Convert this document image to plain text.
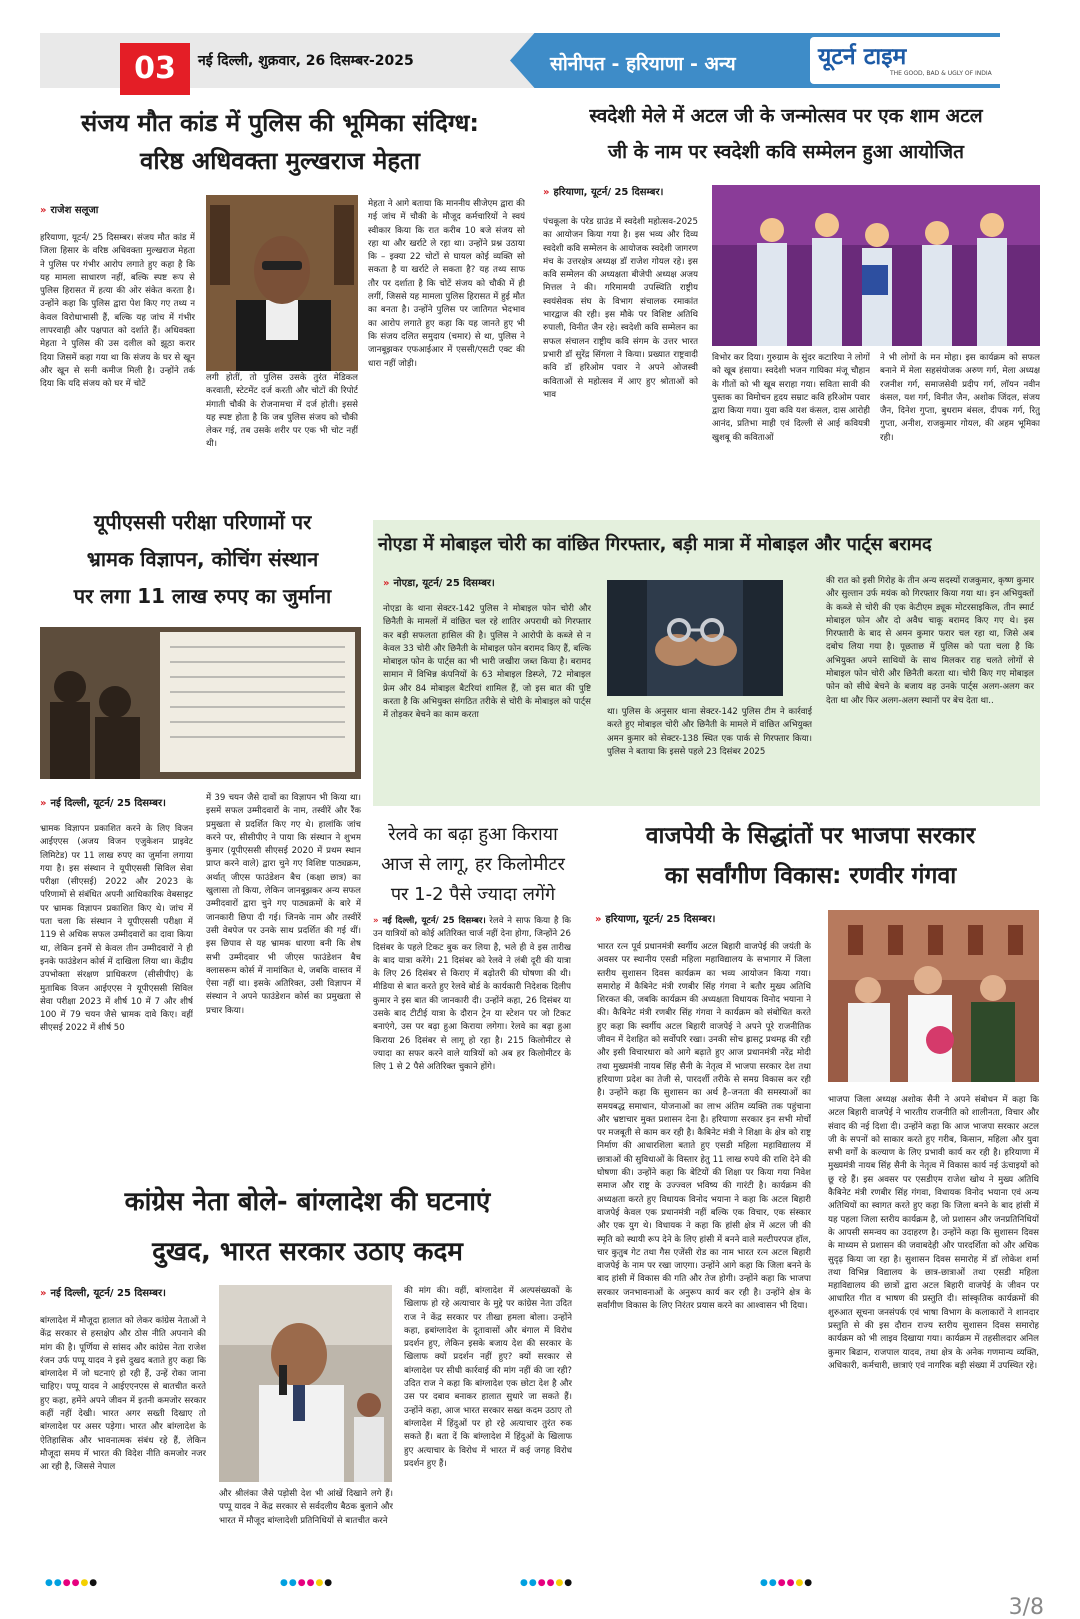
03	नई दिल्ली, शुक्रवार, 26 दिसम्बर-2025	सोनीपत - हरियाणा - अन्य	यूटर्न टाइम
THE GOOD, BAD & UGLY OF INDIA
संजय मौत कांड में पुलिस की भूमिका संदिग्ध:
वरिष्ठ अधिवक्ता मुल्खराज मेहता
» राजेश सलूजा
हरियाणा, यूटर्न/ 25 दिसम्बर। संजय मौत कांड में जिला हिसार के वरिष्ठ अधिवक्ता मुल्खराज मेहता ने पुलिस पर गंभीर आरोप लगाते हुए कहा है कि यह मामला साधारण नहीं, बल्कि स्पष्ट रूप से पुलिस हिरासत में हत्या की ओर संकेत करता है। उन्होंने कहा कि पुलिस द्वारा पेश किए गए तथ्य न केवल विरोधाभासी हैं, बल्कि यह जांच में गंभीर लापरवाही और पक्षपात को दर्शाते हैं। अधिवक्ता मेहता ने पुलिस की उस दलील को झूठा करार दिया जिसमें कहा गया था कि संजय के घर से खून और खून से सनी कमीज मिली है। उन्होंने तर्क दिया कि यदि संजय को घर में चोटें
लगी होतीं, तो पुलिस उसके तुरंत मेडिकल करवाती, स्टेटमेंट दर्ज करती और चोटों की रिपोर्ट मंगाती चौकी के रोजनामचा में दर्ज होती। इससे यह स्पष्ट होता है कि जब पुलिस संजय को चौकी लेकर गई, तब उसके शरीर पर एक भी चोट नहीं थी।
मेहता ने आगे बताया कि माननीय सीजेएम द्वारा की गई जांच में चौकी के मौजूद कर्मचारियों ने स्वयं स्वीकार किया कि रात करीब 10 बजे संजय सो रहा था और खर्राटे ले रहा था। उन्होंने प्रश्न उठाया कि – इक्या 22 चोटों से घायल कोई व्यक्ति सो सकता है या खर्राटे ले सकता है? यह तथ्य साफ तौर पर दर्शाता है कि चोटें संजय को चौकी में ही लगीं, जिससे यह मामला पुलिस हिरासत में हुई मौत का बनता है। उन्होंने पुलिस पर जातिगत भेदभाव का आरोप लगाते हुए कहा कि यह जानते हुए भी कि संजय दलित समुदाय (चमार) से था, पुलिस ने जानबूझकर एफआईआर में एससी/एसटी एक्ट की धारा नहीं जोड़ी।
स्वदेशी मेले में अटल जी के जन्मोत्सव पर एक शाम अटल
जी के नाम पर स्वदेशी कवि सम्मेलन हुआ आयोजित
» हरियाणा, यूटर्न/ 25 दिसम्बर।
पंचकूला के परेड ग्राउंड में स्वदेशी महोत्सव-2025 का आयोजन किया गया है। इस भव्य और दिव्य स्वदेशी कवि सम्मेलन के आयोजक स्वदेशी जागरण मंच के उत्तरक्षेत्र अध्यक्ष डॉ राजेश गोयल रहे। इस कवि सम्मेलन की अध्यक्षता बीजेपी अध्यक्ष अजय मित्तल ने की। गरिमामयी उपस्थिति राष्ट्रीय स्वयंसेवक संघ के विभाग संचालक रमाकांत भारद्वाज की रही। इस मौके पर विशिष्ट अतिथि रुपाली, विनीत जैन रहे। स्वदेशी कवि सम्मेलन का सफल संचालन राष्ट्रीय कवि संगम के उत्तर भारत प्रभारी डॉ सुरेंद्र सिंगला ने किया। प्रख्यात राष्ट्रवादी कवि डॉ हरिओम पवार ने अपने ओजस्वी कविताओं से महोत्सव में आए हुए श्रोताओं को भाव
विभोर कर दिया। गुरुग्राम के सुंदर कटारिया ने लोगों को खूब हंसाया। स्वदेशी भजन गायिका मंजू चौहान के गीतों को भी खूब सराहा गया। सविता सावी की पुस्तक का विमोचन हृदय सम्राट कवि हरिओम पवार द्वारा किया गया। युवा कवि यश कंसल, दास आरोही आनंद, प्रतिभा माही एवं दिल्ली से आई कवियत्री खुशबू की कविताओं
ने भी लोगों के मन मोहा। इस कार्यक्रम को सफल बनाने में मेला सहसंयोजक अरुण गर्ग, मेला अध्यक्ष रजनीश गर्ग, समाजसेवी प्रदीप गर्ग, लॉयन नवीन कंसल, यश गर्ग, विनीत जैन, अशोक जिंदल, संजय जैन, दिनेश गुप्ता, बुधराम बंसल, दीपक गर्ग, रितु गुप्ता, अनीश, राजकुमार गोयल, की अहम भूमिका रही।
यूपीएससी परीक्षा परिणामों पर
भ्रामक विज्ञापन, कोचिंग संस्थान
पर लगा 11 लाख रुपए का जुर्माना
» नई दिल्ली, यूटर्न/ 25 दिसम्बर।
भ्रामक विज्ञापन प्रकाशित करने के लिए विजन आईएएस (अजय विजन एजुकेशन प्राइवेट लिमिटेड) पर 11 लाख रुपए का जुर्माना लगाया गया है। इस संस्थान ने यूपीएससी सिविल सेवा परीक्षा (सीएसई) 2022 और 2023 के परिणामों से संबंधित अपनी आधिकारिक वेबसाइट पर भ्रामक विज्ञापन प्रकाशित किए थे। जांच में पता चला कि संस्थान ने यूपीएससी परीक्षा में 119 से अधिक सफल उम्मीदवारों का दावा किया था, लेकिन इनमें से केवल तीन उम्मीदवारों ने ही इनके फाउंडेशन कोर्स में दाखिला लिया था। केंद्रीय उपभोक्ता संरक्षण प्राधिकरण (सीसीपीए) के मुताबिक विजन आईएएस ने यूपीएससी सिविल सेवा परीक्षा 2023 में शीर्ष 10 में 7 और शीर्ष 100 में 79 चयन जैसे भ्रामक दावे किए। वहीं सीएसई 2022 में शीर्ष 50
में 39 चयन जैसे दावों का विज्ञापन भी किया था। इसमें सफल उम्मीदवारों के नाम, तस्वीरें और रैंक प्रमुखता से प्रदर्शित किए गए थे। हालांकि जांच करने पर, सीसीपीए ने पाया कि संस्थान ने शुभम कुमार (यूपीएससी सीएसई 2020 में प्रथम स्थान प्राप्त करने वाले) द्वारा चुने गए विशिष्ट पाठ्यक्रम, अर्थात् जीएस फाउंडेशन बैच (कक्षा छात्र) का खुलासा तो किया, लेकिन जानबूझकर अन्य सफल उम्मीदवारों द्वारा चुने गए पाठ्यक्रमों के बारे में जानकारी छिपा दी गई। जिनके नाम और तस्वीरें उसी वेबपेज पर उनके साथ प्रदर्शित की गई थीं। इस छिपाव से यह भ्रामक धारणा बनी कि शेष सभी उम्मीदवार भी जीएस फाउंडेशन बैच क्लासरूम कोर्स में नामांकित थे, जबकि वास्तव में ऐसा नहीं था। इसके अतिरिक्त, उसी विज्ञापन में संस्थान ने अपने फाउंडेशन कोर्स का प्रमुखता से प्रचार किया।
नोएडा में मोबाइल चोरी का वांछित गिरफ्तार, बड़ी मात्रा में मोबाइल और पार्ट्स बरामद
» नोएडा, यूटर्न/ 25 दिसम्बर।
नोएडा के थाना सेक्टर-142 पुलिस ने मोबाइल फोन चोरी और छिनैती के मामलों में वांछित चल रहे शातिर अपराधी को गिरफ्तार कर बड़ी सफलता हासिल की है। पुलिस ने आरोपी के कब्जे से न केवल 33 चोरी और छिनैती के मोबाइल फोन बरामद किए हैं, बल्कि मोबाइल फोन के पार्ट्स का भी भारी जखीरा जब्त किया है। बरामद सामान में विभिन्न कंपनियों के 63 मोबाइल डिस्प्ले, 72 मोबाइल फ्रेम और 84 मोबाइल बैटरियां शामिल हैं, जो इस बात की पुष्टि करता है कि अभियुक्त संगठित तरीके से चोरी के मोबाइल को पार्ट्स में तोड़कर बेचने का काम करता	था। पुलिस के अनुसार थाना सेक्टर-142 पुलिस टीम ने कार्रवाई करते हुए मोबाइल चोरी और छिनैती के मामले में वांछित अभियुक्त अमन कुमार को सेक्टर-138 स्थित एक पार्क से गिरफ्तार किया। पुलिस ने बताया कि इससे पहले 23 दिसंबर 2025
की रात को इसी गिरोह के तीन अन्य सदस्यों राजकुमार, कृष्ण कुमार और सुल्तान उर्फ मयंक को गिरफ्तार किया गया था। इन अभियुक्तों के कब्जे से चोरी की एक केटीएम ड्यूक मोटरसाइकिल, तीन स्मार्ट मोबाइल फोन और दो अवैध चाकू बरामद किए गए थे। इस गिरफ्तारी के बाद से अमन कुमार फरार चल रहा था, जिसे अब दबोच लिया गया है। पूछताछ में पुलिस को पता चला है कि अभियुक्त अपने साथियों के साथ मिलकर राह चलते लोगों से मोबाइल फोन चोरी और छिनैती करता था। चोरी किए गए मोबाइल फोन को सीधे बेचने के बजाय वह उनके पार्ट्स अलग-अलग कर देता था और फिर अलग-अलग स्थानों पर बेच देता था..
रेलवे का बढ़ा हुआ किराया
आज से लागू, हर किलोमीटर
पर 1-2 पैसे ज्यादा लगेंगे
» नई दिल्ली, यूटर्न/ 25 दिसम्बर। रेलवे ने साफ किया है कि उन यात्रियों को कोई अतिरिक्त चार्ज नहीं देना होगा, जिन्होंने 26 दिसंबर के पहले टिकट बुक कर लिया है, भले ही वे इस तारीख के बाद यात्रा करेंगे। 21 दिसंबर को रेलवे ने लंबी दूरी की यात्रा के लिए 26 दिसंबर से किराए में बढ़ोतरी की घोषणा की थी। मीडिया से बात करते हुए रेलवे बोर्ड के कार्यकारी निदेशक दिलीप कुमार ने इस बात की जानकारी दी। उन्होंने कहा, 26 दिसंबर या उसके बाद टीटीई यात्रा के दौरान ट्रेन या स्टेशन पर जो टिकट बनाएंगे, उस पर बढ़ा हुआ किराया लगेगा। रेलवे का बढ़ा हुआ किराया 26 दिसंबर से लागू हो रहा है। 215 किलोमीटर से ज्यादा का सफर करने वाले यात्रियों को अब हर किलोमीटर के लिए 1 से 2 पैसे अतिरिक्त चुकाने होंगे।
वाजपेयी के सिद्धांतों पर भाजपा सरकार
का सर्वांगीण विकास: रणवीर गंगवा
» हरियाणा, यूटर्न/ 25 दिसम्बर।
भारत रत्न पूर्व प्रधानमंत्री स्वर्गीय अटल बिहारी वाजपेई की जयंती के अवसर पर स्थानीय एसडी महिला महाविद्यालय के सभागार में जिला स्तरीय सुशासन दिवस कार्यक्रम का भव्य आयोजन किया गया। समारोह में कैबिनेट मंत्री रणबीर सिंह गंगवा ने बतौर मुख्य अतिथि शिरकत की, जबकि कार्यक्रम की अध्यक्षता विधायक विनोद भयाना ने की। कैबिनेट मंत्री रणबीर सिंह गंगवा ने कार्यक्रम को संबोधित करते हुए कहा कि स्वर्गीय अटल बिहारी वाजपेई ने अपने पूरे राजनीतिक जीवन में देशहित को सर्वोपरि रखा। उनकी सोच ह्रासट्र प्रथमह्र की रही और इसी विचारधारा को आगे बढ़ाते हुए आज प्रधानमंत्री नरेंद्र मोदी तथा मुख्यमंत्री नायब सिंह सैनी के नेतृत्व में भाजपा सरकार देश तथा हरियाणा प्रदेश का तेजी से, पारदर्शी तरीके से समग्र विकास कर रही है। उन्होंने कहा कि सुशासन का अर्थ है–जनता की समस्याओं का समयबद्ध समाधान, योजनाओं का लाभ अंतिम व्यक्ति तक पहुंचाना और भ्रष्टाचार मुक्त प्रशासन देना है। हरियाणा सरकार इन सभी मोर्चों पर मजबूती से काम कर रही है। कैबिनेट मंत्री ने शिक्षा के क्षेत्र को राष्ट्र निर्माण की आधारशिला बताते हुए एसडी महिला महाविद्यालय में छात्राओं की सुविधाओं के विस्तार हेतु 11 लाख रुपये की राशि देने की घोषणा की। उन्होंने कहा कि बेटियों की शिक्षा पर किया गया निवेश समाज और राष्ट्र के उज्ज्वल भविष्य की गारंटी है। कार्यक्रम की अध्यक्षता करते हुए विधायक विनोद भयाना ने कहा कि अटल बिहारी वाजपेई केवल एक प्रधानमंत्री नहीं बल्कि एक विचार, एक संस्कार और एक युग थे। विधायक ने कहा कि हांसी क्षेत्र में अटल जी की स्मृति को स्थायी रूप देने के लिए हांसी में बनने वाले मल्टीपरपज हॉल, चार कुतुब गेट तथा गैस एजेंसी रोड का नाम भारत रत्न अटल बिहारी वाजपेई के नाम पर रखा जाएगा। उन्होंने आगे कहा कि जिला बनने के बाद हांसी में विकास की गति और तेज होगी। उन्होंने कहा कि भाजपा सरकार जनभावनाओं के अनुरूप कार्य कर रही है। उन्होंने क्षेत्र के सर्वांगीण विकास के लिए निरंतर प्रयास करने का आश्वासन भी दिया।
भाजपा जिला अध्यक्ष अशोक सैनी ने अपने संबोधन में कहा कि अटल बिहारी वाजपेई ने भारतीय राजनीति को शालीनता, विचार और संवाद की नई दिशा दी। उन्होंने कहा कि आज भाजपा सरकार अटल जी के सपनों को साकार करते हुए गरीब, किसान, महिला और युवा सभी वर्गों के कल्याण के लिए प्रभावी कार्य कर रही है। हरियाणा में मुख्यमंत्री नायब सिंह सैनी के नेतृत्व में विकास कार्य नई ऊंचाइयों को छू रहे हैं। इस अवसर पर एसडीएम राजेश खोथ ने मुख्य अतिथि कैबिनेट मंत्री रणबीर सिंह गंगवा, विधायक विनोद भयाना एवं अन्य अतिथियों का स्वागत करते हुए कहा कि जिला बनने के बाद हांसी में यह पहला जिला स्तरीय कार्यक्रम है, जो प्रशासन और जनप्रतिनिधियों के आपसी समन्वय का उदाहरण है। उन्होंने कहा कि सुशासन दिवस के माध्यम से प्रशासन की जवाबदेही और पारदर्शिता को और अधिक सुदृढ़ किया जा रहा है। सुशासन दिवस समारोह में डॉ लोकेश शर्मा तथा विभिन्न विद्यालय के छात्र-छात्राओं तथा एसडी महिला महाविद्यालय की छात्रों द्वारा अटल बिहारी वाजपेई के जीवन पर आधारित गीत व भाषण की प्रस्तुति दी। सांस्कृतिक कार्यक्रमों की शुरुआत सूचना जनसंपर्क एवं भाषा विभाग के कलाकारों ने शानदार प्रस्तुति से की इस दौरान राज्य स्तरीय सुशासन दिवस समारोह कार्यक्रम को भी लाइव दिखाया गया। कार्यक्रम में तहसीलदार अनिल कुमार बिढान, राजपाल यादव, तथा क्षेत्र के अनेक गणमान्य व्यक्ति, अधिकारी, कर्मचारी, छात्राएं एवं नागरिक बड़ी संख्या में उपस्थित रहे।
कांग्रेस नेता बोले- बांग्लादेश की घटनाएं
दुखद, भारत सरकार उठाए कदम
» नई दिल्ली, यूटर्न/ 25 दिसम्बर।
बांग्लादेश में मौजूदा हालात को लेकर कांग्रेस नेताओं ने केंद्र सरकार से हस्तक्षेप और ठोस नीति अपनाने की मांग की है। पूर्णिया से सांसद और कांग्रेस नेता राजेश रंजन उर्फ पप्पू यादव ने इसे दुखद बताते हुए कहा कि बांग्लादेश में जो घटनाएं हो रही हैं, उन्हें रोका जाना चाहिए। पप्पू यादव ने आईएएनएस से बातचीत करते हुए कहा, हमेंने अपने जीवन में इतनी कमजोर सरकार कहीं नहीं देखी। भारत अगर सख्ती दिखाए तो बांग्लादेश पर असर पड़ेगा। भारत और बांग्लादेश के ऐतिहासिक और भावनात्मक संबंध रहे हैं, लेकिन मौजूदा समय में भारत की विदेश नीति कमजोर नजर आ रही है, जिससे नेपाल
और श्रीलंका जैसे पड़ोसी देश भी आंखें दिखाने लगे हैं। पप्पू यादव ने केंद्र सरकार से सर्वदलीय बैठक बुलाने और भारत में मौजूद बांग्लादेशी प्रतिनिधियों से बातचीत करने
की मांग की। वहीं, बांग्लादेश में अल्पसंख्यकों के खिलाफ हो रहे अत्याचार के मुद्दे पर कांग्रेस नेता उदित राज ने केंद्र सरकार पर तीखा हमला बोला। उन्होंने कहा, ह्रबांग्लादेश के दूतावासों और बंगाल में विरोध प्रदर्शन हुए, लेकिन इसके बजाय देश की सरकार के खिलाफ क्यों प्रदर्शन नहीं हुए? क्यों सरकार से बांग्लादेश पर सीधी कार्रवाई की मांग नहीं की जा रही? उदित राज ने कहा कि बांग्लादेश एक छोटा देश है और उस पर दबाव बनाकर हालात सुधारे जा सकते हैं। उन्होंने कहा, आज भारत सरकार सख्त कदम उठाए तो बांग्लादेश में हिंदुओं पर हो रहे अत्याचार तुरंत रुक सकते हैं। बता दें कि बांग्लादेश में हिंदुओं के खिलाफ हुए अत्याचार के विरोध में भारत में कई जगह विरोध प्रदर्शन हुए हैं।
●●●●●●	●●●●●●	●●●●●●	●●●●●●
3/8
